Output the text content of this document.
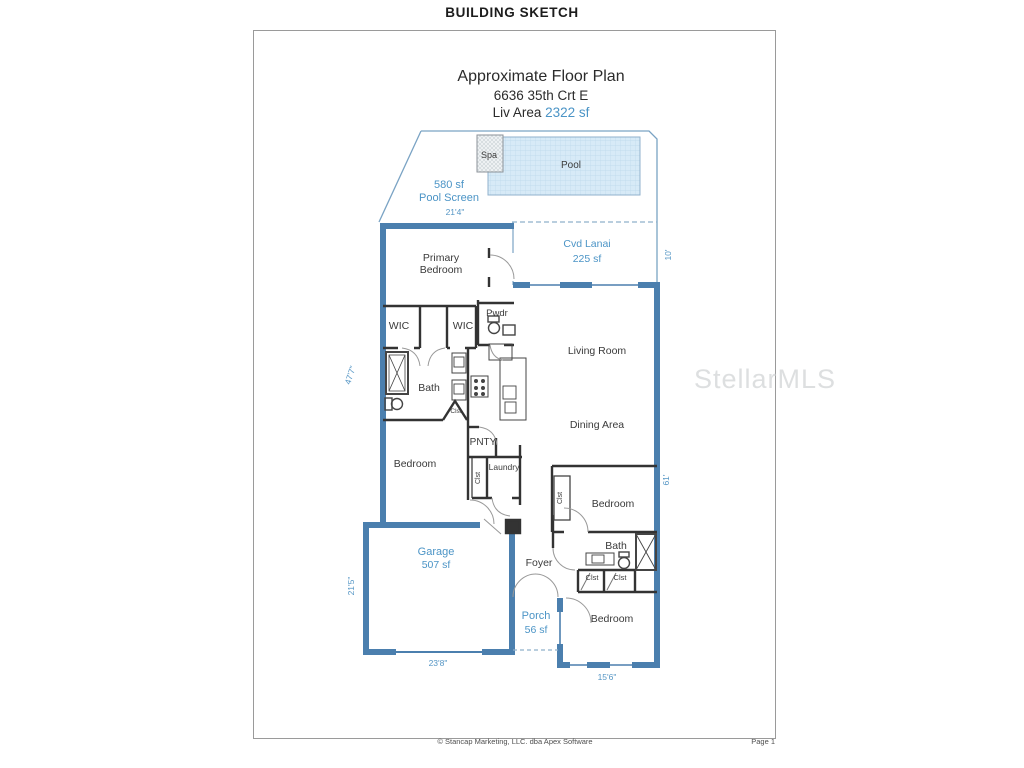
BUILDING SKETCH
Approximate Floor Plan
6636 35th Crt E
Liv Area 2322 sf
Spa
Pool
Primary
Bedroom
WIC	WIC
Pwdr
Bath
Bedroom
Living Room
Dining Area
PNTY
Laundry
Clst
Clst
Clst	Bedroom
Foyer
Bath
Clst Clst
Bedroom
580 sf
Pool Screen
Cvd Lanai
225 sf
Garage
507 sf
Porch
56 sf
21'4"
10'
47'7"
61'
21'5"
23'8"
15'6"
StellarMLS
© Stancap Marketing, LLC. dba Apex Software	Page 1
